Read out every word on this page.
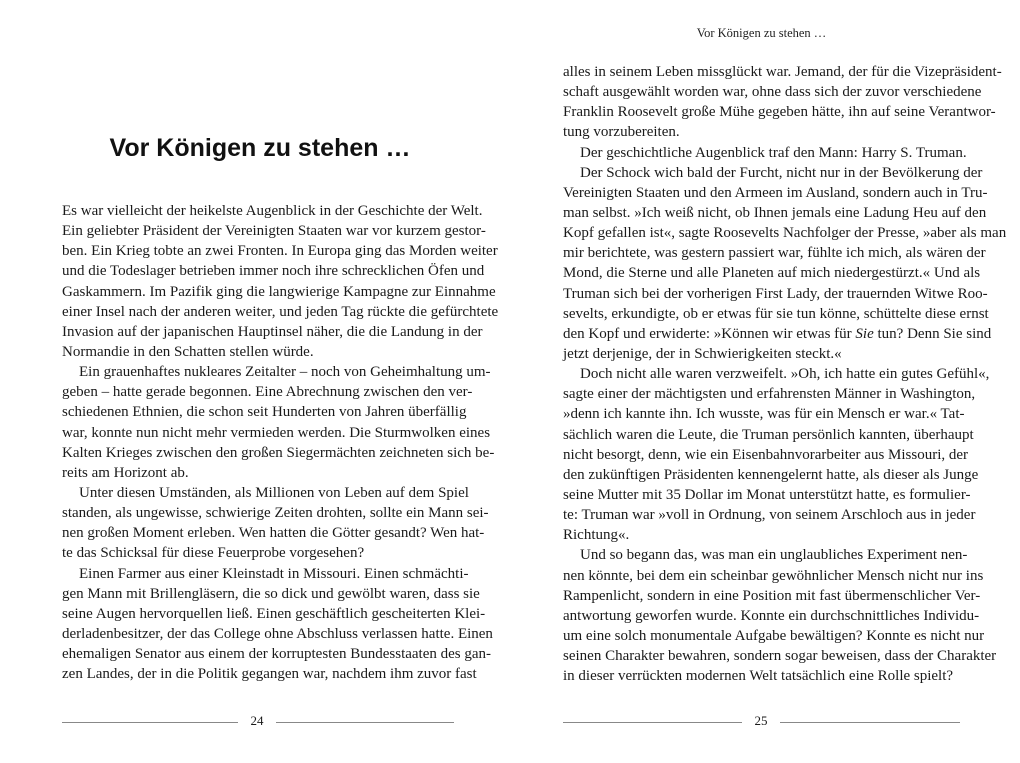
Vor Königen zu stehen …
Es war vielleicht der heikelste Augenblick in der Geschichte der Welt.
Ein geliebter Präsident der Vereinigten Staaten war vor kurzem gestor-
ben. Ein Krieg tobte an zwei Fronten. In Europa ging das Morden weiter
und die Todeslager betrieben immer noch ihre schrecklichen Öfen und
Gaskammern. Im Pazifik ging die langwierige Kampagne zur Einnahme
einer Insel nach der anderen weiter, und jeden Tag rückte die gefürchtete
Invasion auf der japanischen Hauptinsel näher, die die Landung in der
Normandie in den Schatten stellen würde.
Ein grauenhaftes nukleares Zeitalter – noch von Geheimhaltung um-
geben – hatte gerade begonnen. Eine Abrechnung zwischen den ver-
schiedenen Ethnien, die schon seit Hunderten von Jahren überfällig
war, konnte nun nicht mehr vermieden werden. Die Sturmwolken eines
Kalten Krieges zwischen den großen Siegermächten zeichneten sich be-
reits am Horizont ab.
Unter diesen Umständen, als Millionen von Leben auf dem Spiel
standen, als ungewisse, schwierige Zeiten drohten, sollte ein Mann sei-
nen großen Moment erleben. Wen hatten die Götter gesandt? Wen hat-
te das Schicksal für diese Feuerprobe vorgesehen?
Einen Farmer aus einer Kleinstadt in Missouri. Einen schmächti-
gen Mann mit Brillengläsern, die so dick und gewölbt waren, dass sie
seine Augen hervorquellen ließ. Einen geschäftlich gescheiterten Klei-
derladenbesitzer, der das College ohne Abschluss verlassen hatte. Einen
ehemaligen Senator aus einem der korruptesten Bundesstaaten des gan-
zen Landes, der in die Politik gegangen war, nachdem ihm zuvor fast
24
Vor Königen zu stehen …
alles in seinem Leben missglückt war. Jemand, der für die Vizepräsident-
schaft ausgewählt worden war, ohne dass sich der zuvor verschiedene
Franklin Roosevelt große Mühe gegeben hätte, ihn auf seine Verantwor-
tung vorzubereiten.
Der geschichtliche Augenblick traf den Mann: Harry S. Truman.
Der Schock wich bald der Furcht, nicht nur in der Bevölkerung der
Vereinigten Staaten und den Armeen im Ausland, sondern auch in Tru-
man selbst. »Ich weiß nicht, ob Ihnen jemals eine Ladung Heu auf den
Kopf gefallen ist«, sagte Roosevelts Nachfolger der Presse, »aber als man
mir berichtete, was gestern passiert war, fühlte ich mich, als wären der
Mond, die Sterne und alle Planeten auf mich niedergestürzt.« Und als
Truman sich bei der vorherigen First Lady, der trauernden Witwe Roo-
sevelts, erkundigte, ob er etwas für sie tun könne, schüttelte diese ernst
den Kopf und erwiderte: »Können wir etwas für Sie tun? Denn Sie sind
jetzt derjenige, der in Schwierigkeiten steckt.«
Doch nicht alle waren verzweifelt. »Oh, ich hatte ein gutes Gefühl«,
sagte einer der mächtigsten und erfahrensten Männer in Washington,
»denn ich kannte ihn. Ich wusste, was für ein Mensch er war.« Tat-
sächlich waren die Leute, die Truman persönlich kannten, überhaupt
nicht besorgt, denn, wie ein Eisenbahnvorarbeiter aus Missouri, der
den zukünftigen Präsidenten kennengelernt hatte, als dieser als Junge
seine Mutter mit 35 Dollar im Monat unterstützt hatte, es formulier-
te: Truman war »voll in Ordnung, von seinem Arschloch aus in jeder
Richtung«.
Und so begann das, was man ein unglaubliches Experiment nen-
nen könnte, bei dem ein scheinbar gewöhnlicher Mensch nicht nur ins
Rampenlicht, sondern in eine Position mit fast übermenschlicher Ver-
antwortung geworfen wurde. Konnte ein durchschnittliches Individu-
um eine solch monumentale Aufgabe bewältigen? Konnte es nicht nur
seinen Charakter bewahren, sondern sogar beweisen, dass der Charakter
in dieser verrückten modernen Welt tatsächlich eine Rolle spielt?
25
